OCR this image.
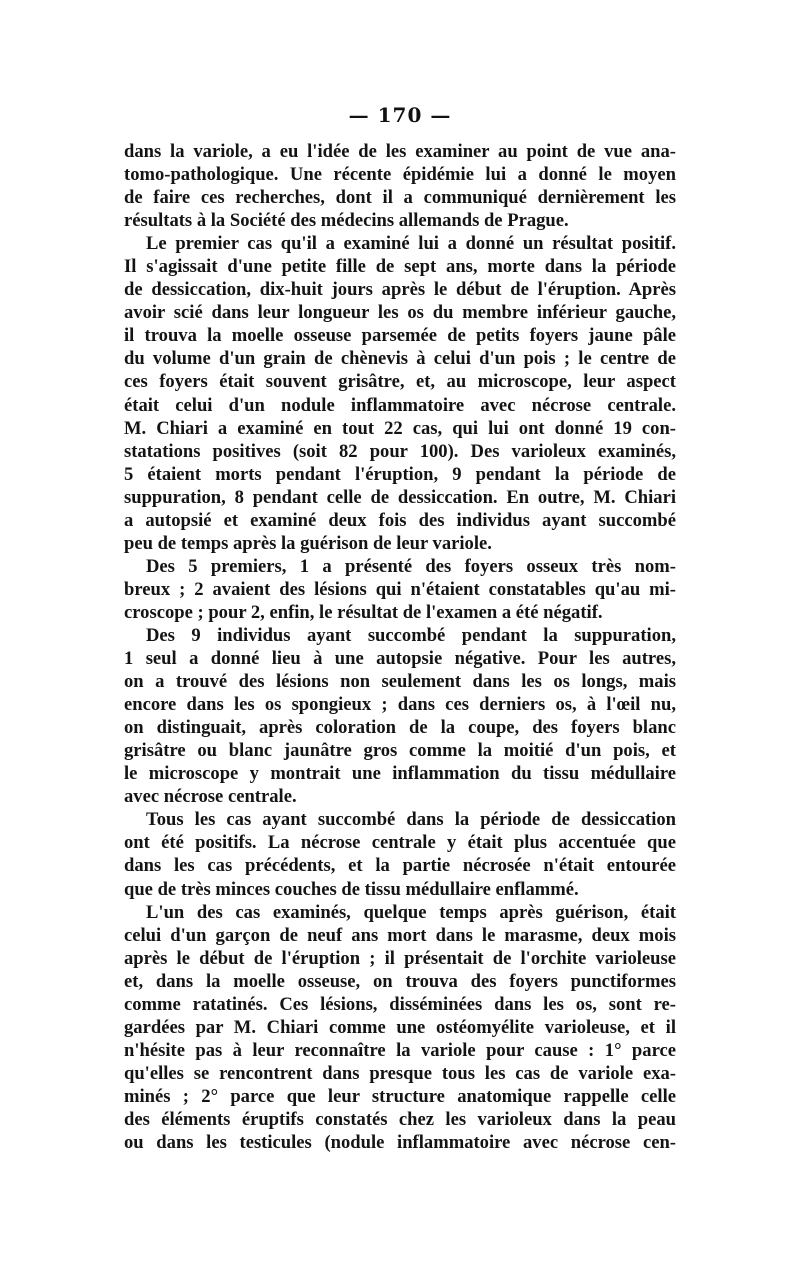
— 170 —
dans la variole, a eu l'idée de les examiner au point de vue ana-
tomo-pathologique. Une récente épidémie lui a donné le moyen
de faire ces recherches, dont il a communiqué dernièrement les
résultats à la Société des médecins allemands de Prague.
Le premier cas qu'il a examiné lui a donné un résultat positif.
Il s'agissait d'une petite fille de sept ans, morte dans la période
de dessiccation, dix-huit jours après le début de l'éruption. Après
avoir scié dans leur longueur les os du membre inférieur gauche,
il trouva la moelle osseuse parsemée de petits foyers jaune pâle
du volume d'un grain de chènevis à celui d'un pois ; le centre de
ces foyers était souvent grisâtre, et, au microscope, leur aspect
était celui d'un nodule inflammatoire avec nécrose centrale.
M. Chiari a examiné en tout 22 cas, qui lui ont donné 19 con-
statations positives (soit 82 pour 100). Des varioleux examinés,
5 étaient morts pendant l'éruption, 9 pendant la période de
suppuration, 8 pendant celle de dessiccation. En outre, M. Chiari
a autopsié et examiné deux fois des individus ayant succombé
peu de temps après la guérison de leur variole.
Des 5 premiers, 1 a présenté des foyers osseux très nom-
breux ; 2 avaient des lésions qui n'étaient constatables qu'au mi-
croscope ; pour 2, enfin, le résultat de l'examen a été négatif.
Des 9 individus ayant succombé pendant la suppuration,
1 seul a donné lieu à une autopsie négative. Pour les autres,
on a trouvé des lésions non seulement dans les os longs, mais
encore dans les os spongieux ; dans ces derniers os, à l'œil nu,
on distinguait, après coloration de la coupe, des foyers blanc
grisâtre ou blanc jaunâtre gros comme la moitié d'un pois, et
le microscope y montrait une inflammation du tissu médullaire
avec nécrose centrale.
Tous les cas ayant succombé dans la période de dessiccation
ont été positifs. La nécrose centrale y était plus accentuée que
dans les cas précédents, et la partie nécrosée n'était entourée
que de très minces couches de tissu médullaire enflammé.
L'un des cas examinés, quelque temps après guérison, était
celui d'un garçon de neuf ans mort dans le marasme, deux mois
après le début de l'éruption ; il présentait de l'orchite varioleuse
et, dans la moelle osseuse, on trouva des foyers punctiformes
comme ratatinés. Ces lésions, disséminées dans les os, sont re-
gardées par M. Chiari comme une ostéomyélite varioleuse, et il
n'hésite pas à leur reconnaître la variole pour cause : 1° parce
qu'elles se rencontrent dans presque tous les cas de variole exa-
minés ; 2° parce que leur structure anatomique rappelle celle
des éléments éruptifs constatés chez les varioleux dans la peau
ou dans les testicules (nodule inflammatoire avec nécrose cen-
